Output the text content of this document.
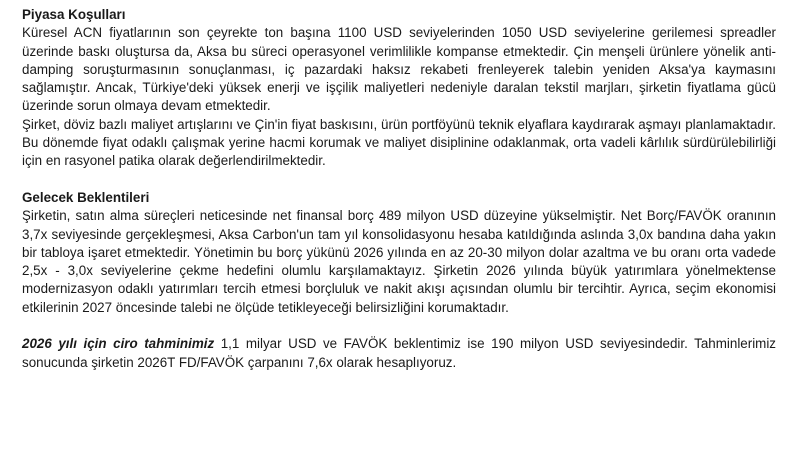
Piyasa Koşulları

Küresel ACN fiyatlarının son çeyrekte ton başına 1100 USD seviyelerinden 1050 USD seviyelerine gerilemesi spreadler üzerinde baskı oluştursa da, Aksa bu süreci operasyonel verimlilikle kompanse etmektedir. Çin menşeli ürünlere yönelik anti-damping soruşturmasının sonuçlanması, iç pazardaki haksız rekabeti frenleyerek talebin yeniden Aksa'ya kaymasını sağlamıştır. Ancak, Türkiye'deki yüksek enerji ve işçilik maliyetleri nedeniyle daralan tekstil marjları, şirketin fiyatlama gücü üzerinde sorun olmaya devam etmektedir.

Şirket, döviz bazlı maliyet artışlarını ve Çin'in fiyat baskısını, ürün portföyünü teknik elyaflara kaydırarak aşmayı planlamaktadır. Bu dönemde fiyat odaklı çalışmak yerine hacmi korumak ve maliyet disiplinine odaklanmak, orta vadeli kârlılık sürdürülebilirliği için en rasyonel patika olarak değerlendirilmektedir.

Gelecek Beklentileri

Şirketin, satın alma süreçleri neticesinde net finansal borç 489 milyon USD düzeyine yükselmiştir. Net Borç/FAVÖK oranının 3,7x seviyesinde gerçekleşmesi, Aksa Carbon'un tam yıl konsolidasyonu hesaba katıldığında aslında 3,0x bandına daha yakın bir tabloya işaret etmektedir. Yönetimin bu borç yükünü 2026 yılında en az 20-30 milyon dolar azaltma ve bu oranı orta vadede 2,5x - 3,0x seviyelerine çekme hedefini olumlu karşılamaktayız. Şirketin 2026 yılında büyük yatırımlara yönelmektense modernizasyon odaklı yatırımları tercih etmesi borçluluk ve nakit akışı açısından olumlu bir tercihtir. Ayrıca, seçim ekonomisi etkilerinin 2027 öncesinde talebi ne ölçüde tetikleyeceği belirsizliğini korumaktadır.

2026 yılı için ciro tahminimiz 1,1 milyar USD ve FAVÖK beklentimiz ise 190 milyon USD seviyesindedir. Tahminlerimiz sonucunda şirketin 2026T FD/FAVÖK çarpanını 7,6x olarak hesaplıyoruz.
